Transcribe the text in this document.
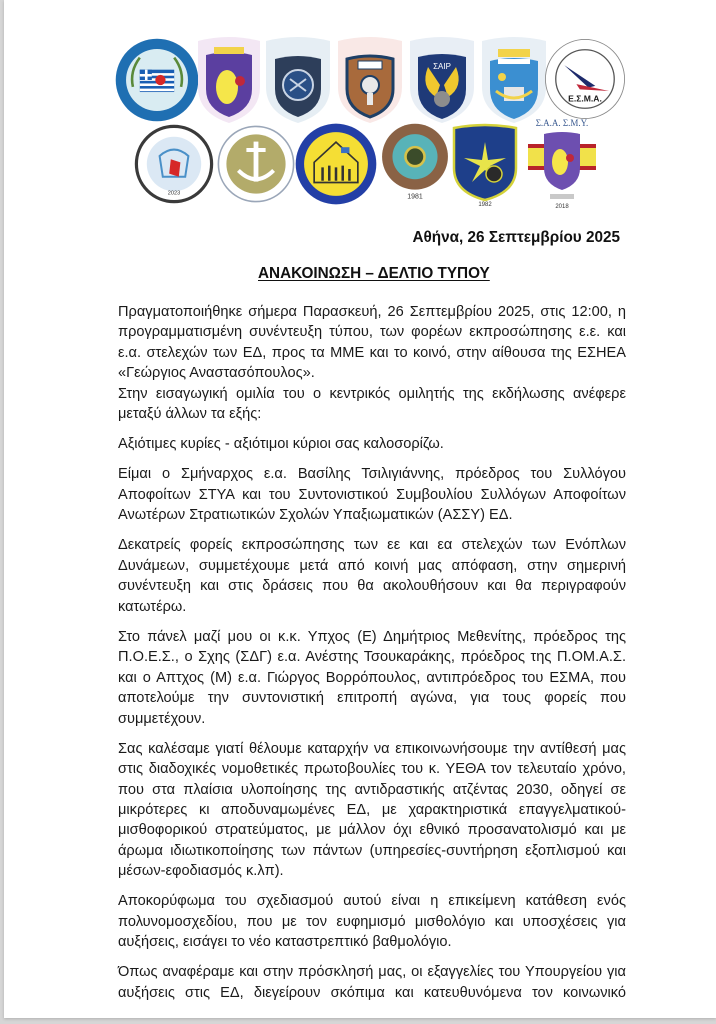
ΣΑΙΡ
Ε.Σ.Μ.Α.
2023	1981
1982
Σ.Α.Α. Σ.Μ.Υ.
2018
Αθήνα, 26 Σεπτεμβρίου 2025
ΑΝΑΚΟΙΝΩΣΗ – ΔΕΛΤΙΟ ΤΥΠΟΥ

Πραγματοποιήθηκε σήμερα Παρασκευή, 26 Σεπτεμβρίου 2025, στις 12:00, η προγραμματισμένη συνέντευξη τύπου, των φορέων εκπροσώπησης ε.ε. και ε.α. στελεχών των ΕΔ, προς τα ΜΜΕ και το κοινό, στην αίθουσα της ΕΣΗΕΑ «Γεώργιος Αναστασόπουλος».

Στην εισαγωγική ομιλία του ο κεντρικός ομιλητής της εκδήλωσης ανέφερε μεταξύ άλλων τα εξής:

Αξιότιμες κυρίες - αξιότιμοι κύριοι σας καλοσορίζω.

Είμαι ο Σμήναρχος ε.α. Βασίλης Τσιλιγιάννης, πρόεδρος του Συλλόγου Αποφοίτων ΣΤΥΑ και του Συντονιστικού Συμβουλίου Συλλόγων Αποφοίτων Ανωτέρων Στρατιωτικών Σχολών Υπαξιωματικών (ΑΣΣΥ) ΕΔ.

Δεκατρείς φορείς εκπροσώπησης των εε και εα στελεχών των Ενόπλων Δυνάμεων, συμμετέχουμε μετά από κοινή μας απόφαση, στην σημερινή συνέντευξη και στις δράσεις που θα ακολουθήσουν και θα περιγραφούν κατωτέρω.

Στο πάνελ μαζί μου οι κ.κ. Υπχος (Ε) Δημήτριος Μεθενίτης, πρόεδρος της Π.Ο.Ε.Σ., ο Σχης (ΣΔΓ) ε.α. Ανέστης Τσουκαράκης, πρόεδρος της Π.ΟΜ.Α.Σ. και ο Απτχος (Μ) ε.α. Γιώργος Βορρόπουλος, αντιπρόεδρος του ΕΣΜΑ, που αποτελούμε την συντονιστική επιτροπή αγώνα, για τους φορείς που συμμετέχουν.

Σας καλέσαμε γιατί θέλουμε καταρχήν να επικοινωνήσουμε την αντίθεσή μας στις διαδοχικές νομοθετικές πρωτοβουλίες του κ. ΥΕΘΑ τον τελευταίο χρόνο, που στα πλαίσια υλοποίησης της αντιδραστικής ατζέντας 2030, οδηγεί σε μικρότερες κι αποδυναμωμένες ΕΔ, με χαρακτηριστικά επαγγελματικού-μισθοφορικού στρατεύματος, με μάλλον όχι εθνικό προσανατολισμό και με άρωμα ιδιωτικοποίησης των πάντων (υπηρεσίες-συντήρηση εξοπλισμού και μέσων-εφοδιασμός κ.λπ).

Αποκορύφωμα του σχεδιασμού αυτού είναι η επικείμενη κατάθεση ενός πολυνομοσχεδίου, που με τον ευφημισμό μισθολόγιο και υποσχέσεις για αυξήσεις, εισάγει το νέο καταστρεπτικό βαθμολόγιο.

Όπως αναφέραμε και στην πρόσκλησή μας, οι εξαγγελίες του Υπουργείου για αυξήσεις στις ΕΔ, διεγείρουν σκόπιμα και κατευθυνόμενα τον κοινωνικό
